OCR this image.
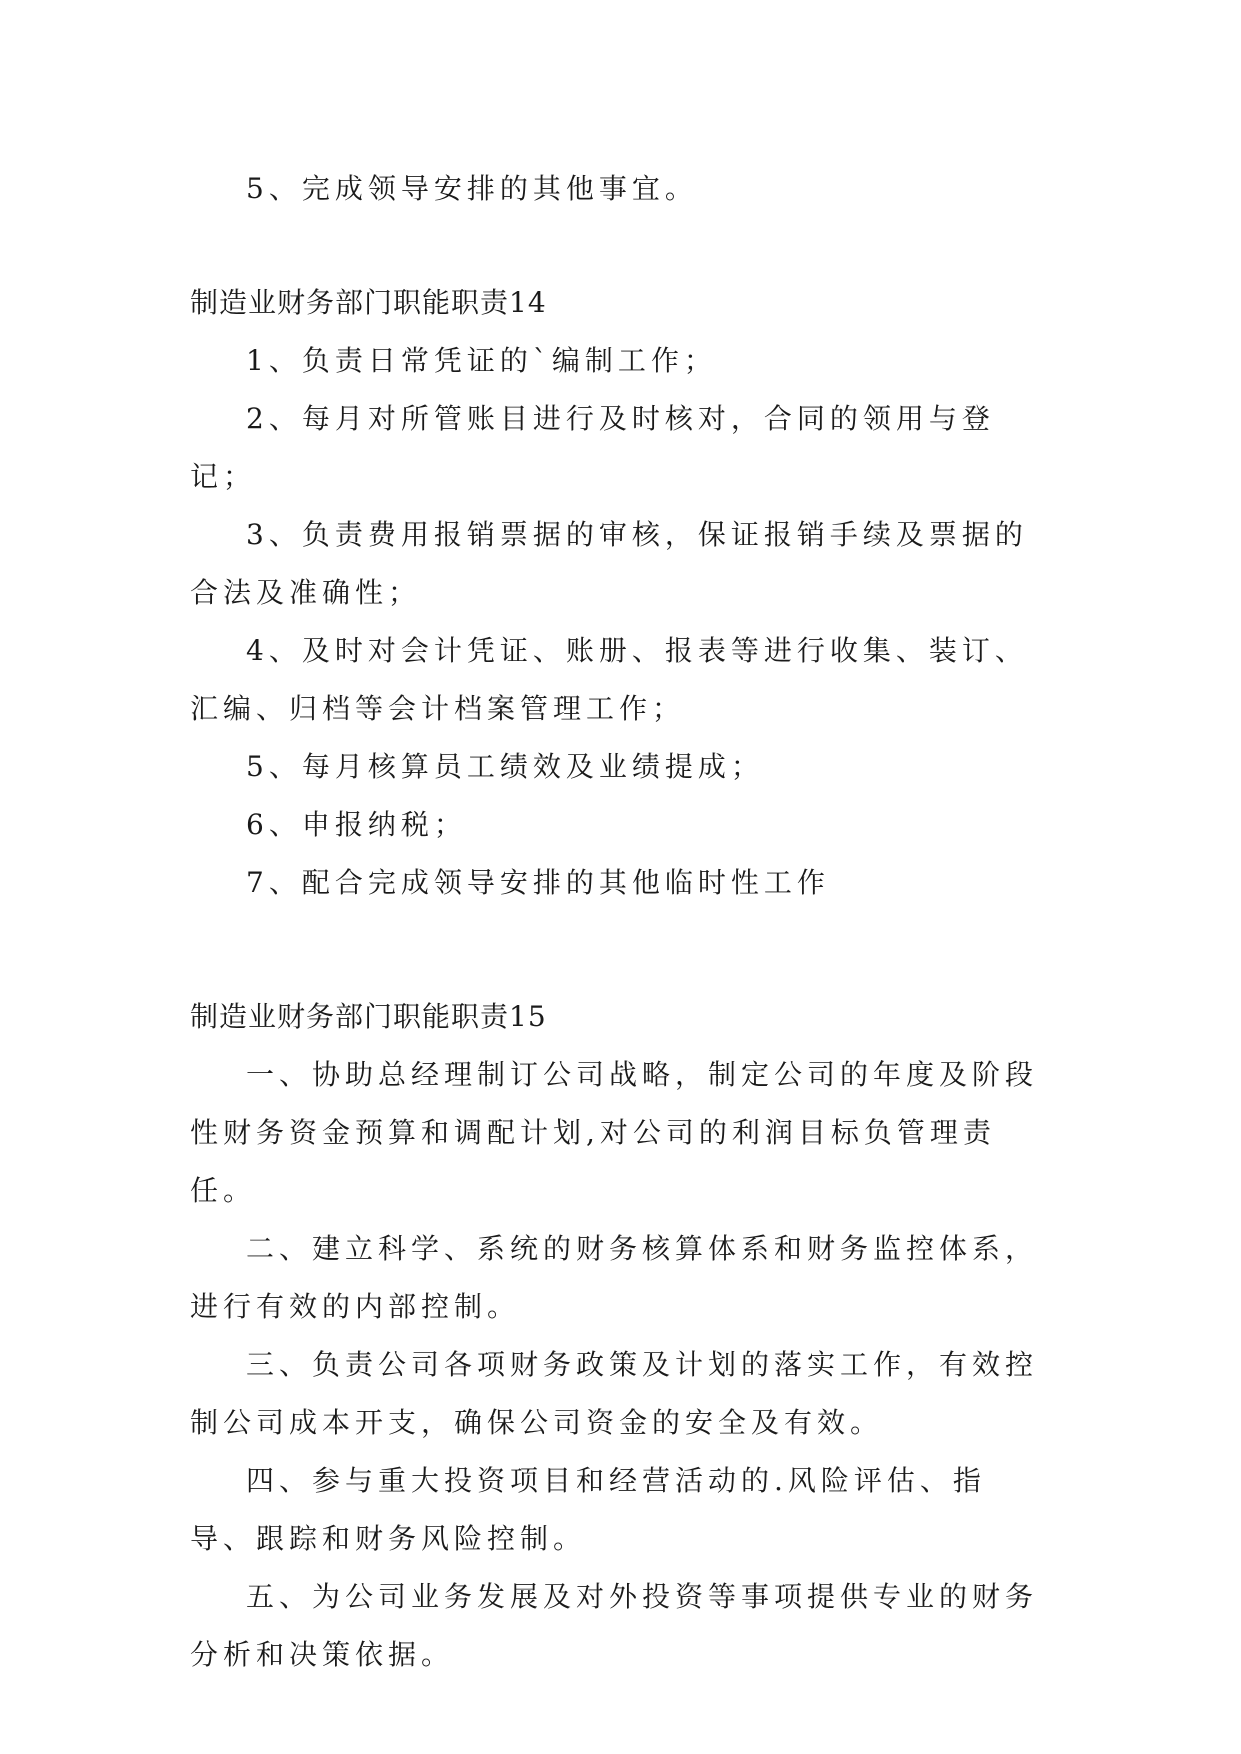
5、完成领导安排的其他事宜。

制造业财务部门职能职责14

1、负责日常凭证的`编制工作；

2、每月对所管账目进行及时核对，合同的领用与登记；

3、负责费用报销票据的审核，保证报销手续及票据的合法及准确性；

4、及时对会计凭证、账册、报表等进行收集、装订、汇编、归档等会计档案管理工作；

5、每月核算员工绩效及业绩提成；

6、申报纳税；

7、配合完成领导安排的其他临时性工作

制造业财务部门职能职责15

一、协助总经理制订公司战略，制定公司的年度及阶段性财务资金预算和调配计划,对公司的利润目标负管理责任。

二、建立科学、系统的财务核算体系和财务监控体系，进行有效的内部控制。

三、负责公司各项财务政策及计划的落实工作，有效控制公司成本开支，确保公司资金的安全及有效。

四、参与重大投资项目和经营活动的.风险评估、指导、跟踪和财务风险控制。

五、为公司业务发展及对外投资等事项提供专业的财务分析和决策依据。
